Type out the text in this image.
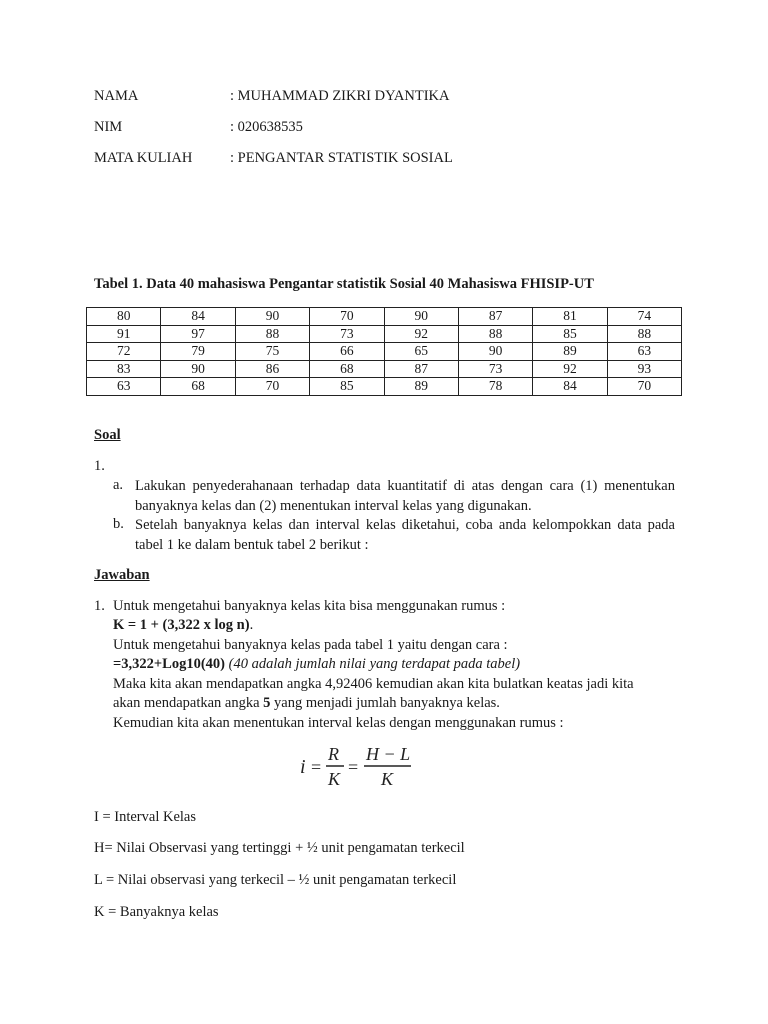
NAMA	: MUHAMMAD ZIKRI DYANTIKA
NIM	: 020638535
MATA KULIAH	: PENGANTAR STATISTIK SOSIAL
Tabel 1. Data 40 mahasiswa Pengantar statistik Sosial 40 Mahasiswa FHISIP-UT
80	84	90	70	90	87	81	74
91	97	88	73	92	88	85	88
72	79	75	66	65	90	89	63
83	90	86	68	87	73	92	93
63	68	70	85	89	78	84	70
Soal
1.
a. Lakukan penyederahanaan terhadap data kuantitatif di atas dengan cara (1) menentukan banyaknya kelas dan (2) menentukan interval kelas yang digunakan.
b. Setelah banyaknya kelas dan interval kelas diketahui, coba anda kelompokkan data pada tabel 1 ke dalam bentuk tabel 2 berikut :
Jawaban
1. Untuk mengetahui banyaknya kelas kita bisa menggunakan rumus :
K = 1 + (3,322 x log n).
Untuk mengetahui banyaknya kelas pada tabel 1 yaitu dengan cara :
=3,322+Log10(40) (40 adalah jumlah nilai yang terdapat pada tabel)
Maka kita akan mendapatkan angka 4,92406 kemudian akan kita bulatkan keatas jadi kita
akan mendapatkan angka 5 yang menjadi jumlah banyaknya kelas.
Kemudian kita akan menentukan interval kelas dengan menggunakan rumus :
i =
R
K
=
H − L
K
I = Interval Kelas
H= Nilai Observasi yang tertinggi + ½ unit pengamatan terkecil
L = Nilai observasi yang terkecil – ½ unit pengamatan terkecil
K = Banyaknya kelas
